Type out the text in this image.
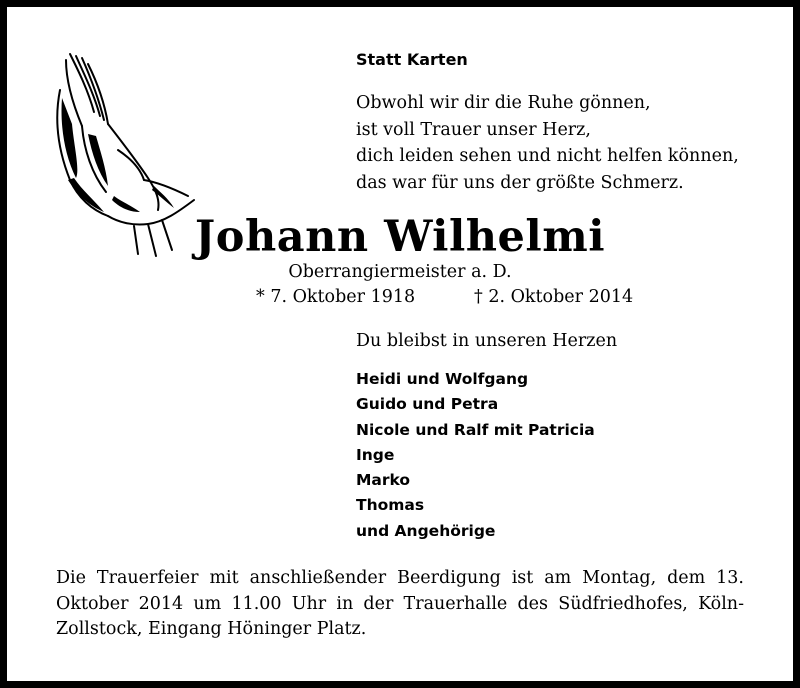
Statt Karten
Obwohl wir dir die Ruhe gönnen,
ist voll Trauer unser Herz,
dich leiden sehen und nicht helfen können,
das war für uns der größte Schmerz.
Johann Wilhelmi
Oberrangiermeister a. D.
* 7. Oktober 1918	† 2. Oktober 2014
Du bleibst in unseren Herzen
Heidi und Wolfgang
Guido und Petra
Nicole und Ralf mit Patricia
Inge
Marko
Thomas
und Angehörige
Die Trauerfeier mit anschließender Beerdigung ist am Montag, dem 13. Oktober 2014 um 11.00 Uhr in der Trauerhalle des Südfriedhofes, Köln-Zollstock, Eingang Höninger Platz.
